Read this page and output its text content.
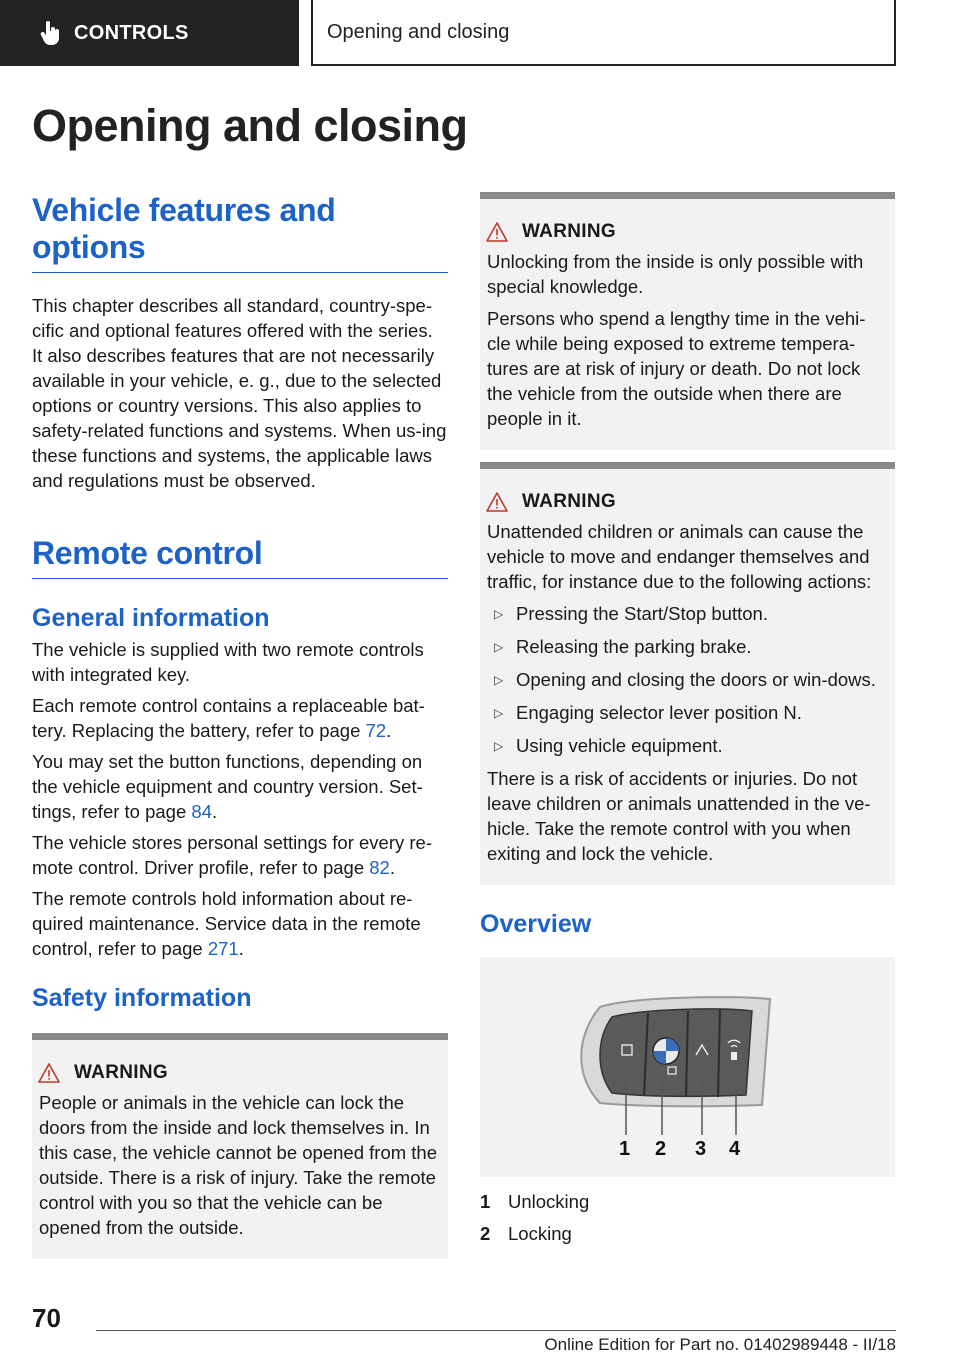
CONTROLS	Opening and closing
Opening and closing
Vehicle features and options

This chapter describes all standard, country-spe-cific and optional features offered with the series. It also describes features that are not necessarily available in your vehicle, e. g., due to the selected options or country versions. This also applies to safety-related functions and systems. When us-ing these functions and systems, the applicable laws and regulations must be observed.

Remote control
General information

The vehicle is supplied with two remote controls with integrated key.

Each remote control contains a replaceable bat-tery. Replacing the battery, refer to page 72.

You may set the button functions, depending on the vehicle equipment and country version. Set-tings, refer to page 84.

The vehicle stores personal settings for every re-mote control. Driver profile, refer to page 82.

The remote controls hold information about re-quired maintenance. Service data in the remote control, refer to page 271.

Safety information
WARNING

People or animals in the vehicle can lock the doors from the inside and lock themselves in. In this case, the vehicle cannot be opened from the outside. There is a risk of injury. Take the remote control with you so that the vehicle can be opened from the outside.

WARNING

Unlocking from the inside is only possible with special knowledge.

Persons who spend a lengthy time in the vehi-cle while being exposed to extreme tempera-tures are at risk of injury or death. Do not lock the vehicle from the outside when there are people in it.

WARNING

Unattended children or animals can cause the vehicle to move and endanger themselves and traffic, for instance due to the following actions:

▷ Pressing the Start/Stop button.
▷ Releasing the parking brake.
▷ Opening and closing the doors or win-dows.
▷ Engaging selector lever position N.
▷ Using vehicle equipment.

There is a risk of accidents or injuries. Do not leave children or animals unattended in the ve-hicle. Take the remote control with you when exiting and lock the vehicle.

Overview
1 2 3 4
1 Unlocking
2 Locking
70
Online Edition for Part no. 01402989448 - II/18
